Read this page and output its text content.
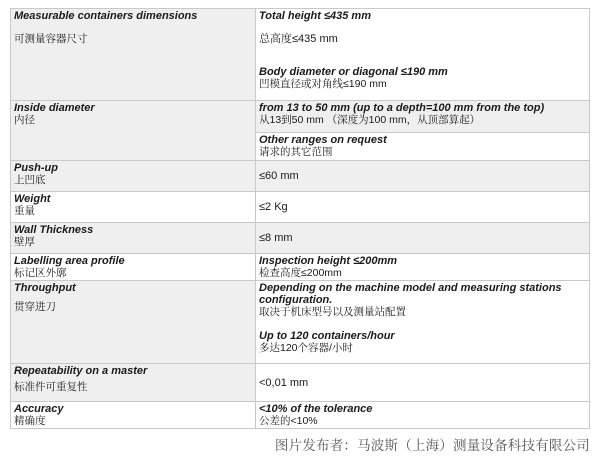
Measurable containers dimensions
可测量容器尺寸	Total height ≤435 mm
总高度≤435 mm
Body diameter or diagonal ≤190 mm
凹模直径或对角线≤190 mm

Inside diameter
内径	from 13 to 50 mm (up to a depth=100 mm from the top)
从13到50 mm （深度为100 mm，从顶部算起）

	Other ranges on request
请求的其它范围

Push-up
上凹底	≤60 mm

Weight
重量	≤2 Kg

Wall Thickness
壁厚	≤8 mm

Labelling area profile
标记区外廓	Inspection height ≤200mm
检查高度≤200mm

Throughput
贯穿进刀	Depending on the machine model and measuring stations configuration.
取决于机床型号以及测量站配置
Up to 120 containers/hour
多达120个容器/小时

Repeatability on a master
标准件可重复性	<0,01 mm

Accuracy
精确度	<10% of the tolerance
公差的<10%
图片发布者：马波斯（上海）测量设备科技有限公司
